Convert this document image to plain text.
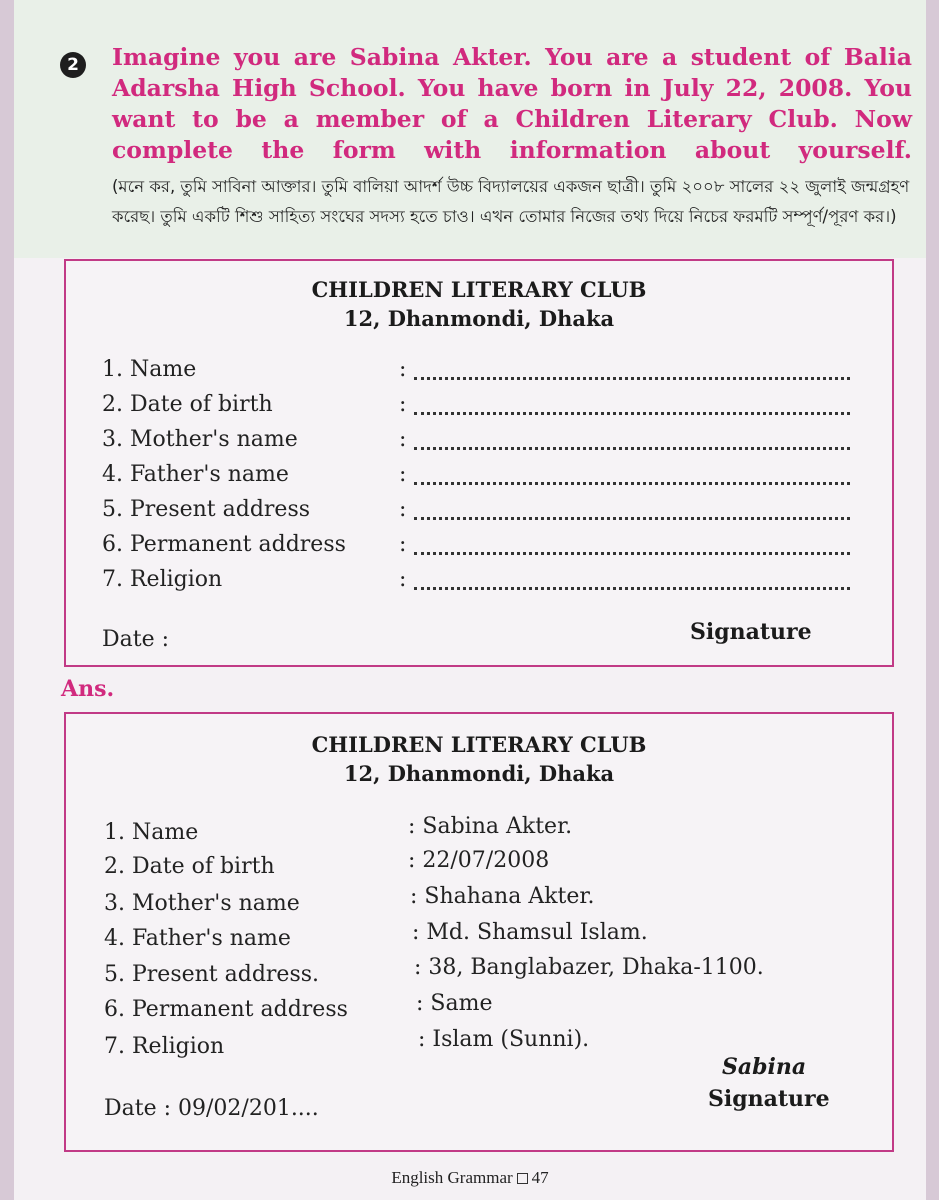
2	Imagine you are Sabina Akter. You are a student of Balia Adarsha High School. You have born in July 22, 2008. You want to be a member of a Children Literary Club. Now complete the form with information about yourself.

(মনে কর, তুমি সাবিনা আক্তার। তুমি বালিয়া আদর্শ উচ্চ বিদ্যালয়ের একজন ছাত্রী। তুমি ২০০৮ সালের ২২ জুলাই জন্মগ্রহণ করেছ। তুমি একটি শিশু সাহিত্য সংঘের সদস্য হতে চাও। এখন তোমার নিজের তথ্য দিয়ে নিচের ফরমটি সম্পূর্ণ/পূরণ কর।)

CHILDREN LITERARY CLUB

12, Dhanmondi, Dhaka

1. Name	:
2. Date of birth	:
3. Mother's name	:
4. Father's name	:
5. Present address	:
6. Permanent address :
7. Religion	:
Date :	Signature
Ans.

CHILDREN LITERARY CLUB

12, Dhanmondi, Dhaka

1. Name	: Sabina Akter.
2. Date of birth	: 22/07/2008
3. Mother's name	: Shahana Akter.
4. Father's name	: Md. Shamsul Islam.
5. Present address.	: 38, Banglabazer, Dhaka-1100.
6. Permanent address	: Same
7. Religion	: Islam (Sunni).
Sabina
Date : 09/02/201....	Signature
English Grammar 47
